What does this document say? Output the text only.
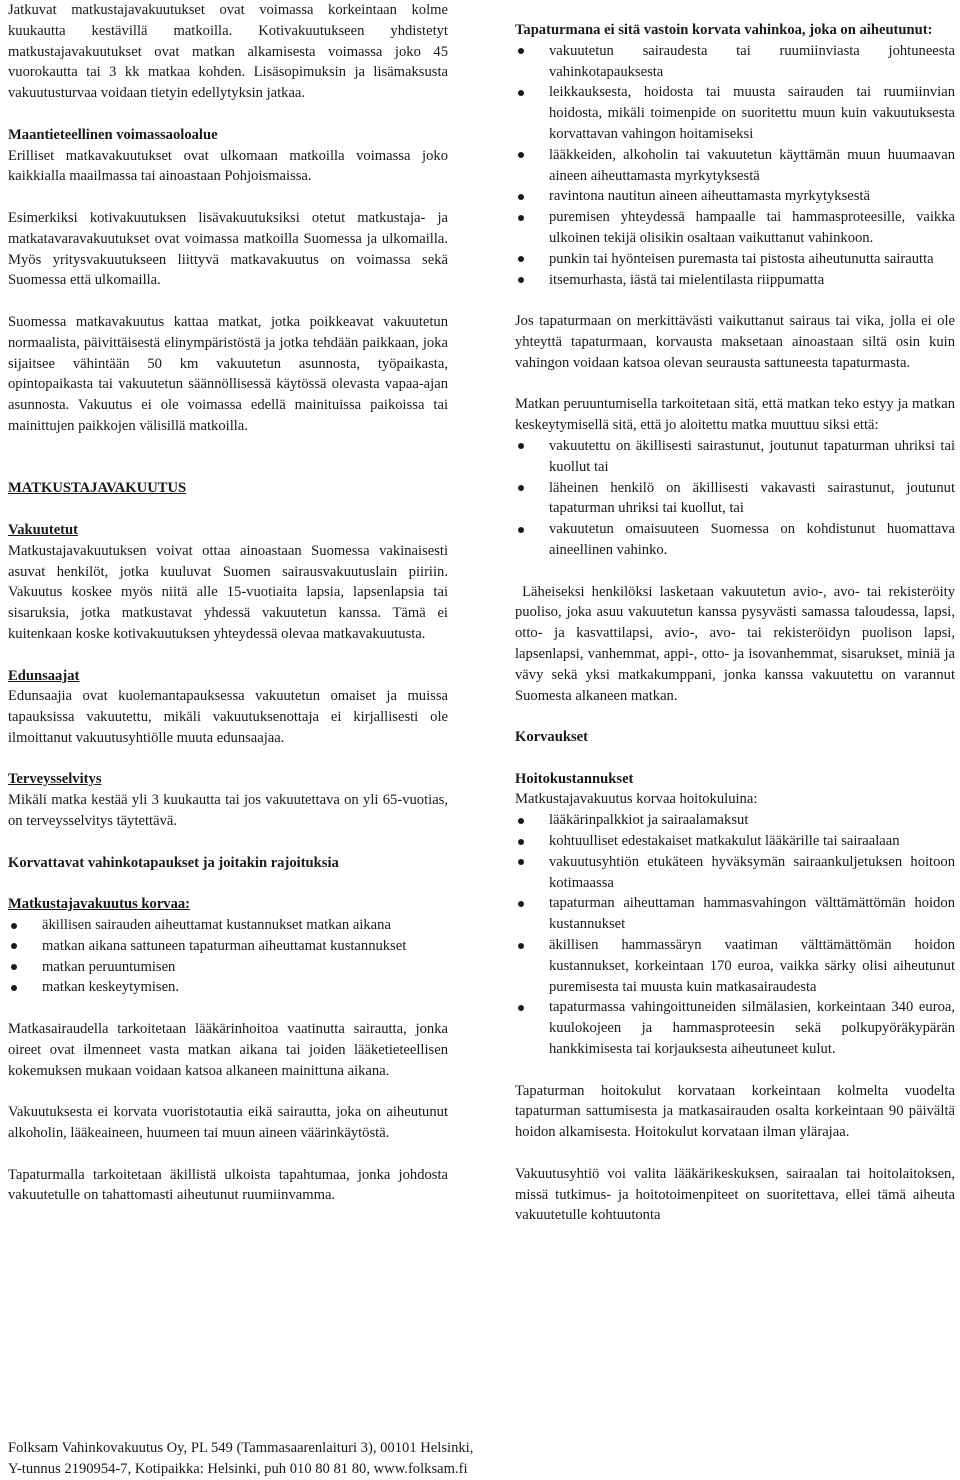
Jatkuvat matkustajavakuutukset ovat voimassa korkeintaan kolme kuukautta kestävillä matkoilla. Kotivakuutukseen yhdistetyt matkustajavakuutukset ovat matkan alkamisesta voimassa joko 45 vuorokautta tai 3 kk matkaa kohden. Lisäsopimuksin ja lisämaksusta vakuutusturvaa voidaan tietyin edellytyksin jatkaa.

Maantieteellinen voimassaoloalue

Erilliset matkavakuutukset ovat ulkomaan matkoilla voimassa joko kaikkialla maailmassa tai ainoastaan Pohjoismaissa.

Esimerkiksi kotivakuutuksen lisävakuutuksiksi otetut matkustaja- ja matkatavaravakuutukset ovat voimassa matkoilla Suomessa ja ulkomailla. Myös yritysvakuutukseen liittyvä matkavakuutus on voimassa sekä Suomessa että ulkomailla.

Suomessa matkavakuutus kattaa matkat, jotka poikkeavat vakuutetun normaalista, päivittäisestä elinympäristöstä ja jotka tehdään paikkaan, joka sijaitsee vähintään 50 km vakuutetun asunnosta, työpaikasta, opintopaikasta tai vakuutetun säännöllisessä käytössä olevasta vapaa-ajan asunnosta. Vakuutus ei ole voimassa edellä mainituissa paikoissa tai mainittujen paikkojen välisillä matkoilla.

MATKUSTAJAVAKUUTUS

Vakuutetut

Matkustajavakuutuksen voivat ottaa ainoastaan Suomessa vakinaisesti asuvat henkilöt, jotka kuuluvat Suomen sairausvakuutuslain piiriin. Vakuutus koskee myös niitä alle 15-vuotiaita lapsia, lapsenlapsia tai sisaruksia, jotka matkustavat yhdessä vakuutetun kanssa. Tämä ei kuitenkaan koske kotivakuutuksen yhteydessä olevaa matkavakuutusta.

Edunsaajat

Edunsaajia ovat kuolemantapauksessa vakuutetun omaiset ja muissa tapauksissa vakuutettu, mikäli vakuutuksenottaja ei kirjallisesti ole ilmoittanut vakuutusyhtiölle muuta edunsaajaa.

Terveysselvitys

Mikäli matka kestää yli 3 kuukautta tai jos vakuutettava on yli 65-vuotias, on terveysselvitys täytettävä.

Korvattavat vahinkotapaukset ja joitakin rajoituksia

Matkustajavakuutus korvaa:

äkillisen sairauden aiheuttamat kustannukset matkan aikana
matkan aikana sattuneen tapaturman aiheuttamat kustannukset
matkan peruuntumisen
matkan keskeytymisen.

Matkasairaudella tarkoitetaan lääkärinhoitoa vaatinutta sairautta, jonka oireet ovat ilmenneet vasta matkan aikana tai joiden lääketieteellisen kokemuksen mukaan voidaan katsoa alkaneen mainittuna aikana.

Vakuutuksesta ei korvata vuoristotautia eikä sairautta, joka on aiheutunut alkoholin, lääkeaineen, huumeen tai muun aineen väärinkäytöstä.

Tapaturmalla tarkoitetaan äkillistä ulkoista tapahtumaa, jonka johdosta vakuutetulle on tahattomasti aiheutunut ruumiinvamma.

Tapaturmana ei sitä vastoin korvata vahinkoa, joka on aiheutunut:

vakuutetun sairaudesta tai ruumiinviasta johtuneesta vahinkotapauksesta
leikkauksesta, hoidosta tai muusta sairauden tai ruumiinvian hoidosta, mikäli toimenpide on suoritettu muun kuin vakuutuksesta korvattavan vahingon hoitamiseksi
lääkkeiden, alkoholin tai vakuutetun käyttämän muun huumaavan aineen aiheuttamasta myrkytyksestä
ravintona nautitun aineen aiheuttamasta myrkytyksestä
puremisen yhteydessä hampaalle tai hammasproteesille, vaikka ulkoinen tekijä olisikin osaltaan vaikuttanut vahinkoon.
punkin tai hyönteisen puremasta tai pistosta aiheutunutta sairautta
itsemurhasta, iästä tai mielentilasta riippumatta

Jos tapaturmaan on merkittävästi vaikuttanut sairaus tai vika, jolla ei ole yhteyttä tapaturmaan, korvausta maksetaan ainoastaan siltä osin kuin vahingon voidaan katsoa olevan seurausta sattuneesta tapaturmasta.

Matkan peruuntumisella tarkoitetaan sitä, että matkan teko estyy ja matkan keskeytymisellä sitä, että jo aloitettu matka muuttuu siksi että:

vakuutettu on äkillisesti sairastunut, joutunut tapaturman uhriksi tai kuollut tai
läheinen henkilö on äkillisesti vakavasti sairastunut, joutunut tapaturman uhriksi tai kuollut, tai
vakuutetun omaisuuteen Suomessa on kohdistunut huomattava aineellinen vahinko.

Läheiseksi henkilöksi lasketaan vakuutetun avio-, avo- tai rekisteröity puoliso, joka asuu vakuutetun kanssa pysyvästi samassa taloudessa, lapsi, otto- ja kasvattilapsi, avio-, avo- tai rekisteröidyn puolison lapsi, lapsenlapsi, vanhemmat, appi-, otto- ja isovanhemmat, sisarukset, miniä ja vävy sekä yksi matkakumppani, jonka kanssa vakuutettu on varannut Suomesta alkaneen matkan.

Korvaukset

Hoitokustannukset

Matkustajavakuutus korvaa hoitokuluina:

lääkärinpalkkiot ja sairaalamaksut
kohtuulliset edestakaiset matkakulut lääkärille tai sairaalaan
vakuutusyhtiön etukäteen hyväksymän sairaankuljetuksen hoitoon kotimaassa
tapaturman aiheuttaman hammasvahingon välttämättömän hoidon kustannukset
äkillisen hammassäryn vaatiman välttämättömän hoidon kustannukset, korkeintaan 170 euroa, vaikka särky olisi aiheutunut puremisesta tai muusta kuin matkasairaudesta
tapaturmassa vahingoittuneiden silmälasien, korkeintaan 340 euroa, kuulokojeen ja hammasproteesin sekä polkupyöräkypärän hankkimisesta tai korjauksesta aiheutuneet kulut.

Tapaturman hoitokulut korvataan korkeintaan kolmelta vuodelta tapaturman sattumisesta ja matkasairauden osalta korkeintaan 90 päivältä hoidon alkamisesta. Hoitokulut korvataan ilman ylärajaa.

Vakuutusyhtiö voi valita lääkärikeskuksen, sairaalan tai hoitolaitoksen, missä tutkimus- ja hoitotoimenpiteet on suoritettava, ellei tämä aiheuta vakuutetulle kohtuutonta

Folksam Vahinkovakuutus Oy, PL 549 (Tammasaarenlaituri 3), 00101 Helsinki,
Y-tunnus 2190954-7, Kotipaikka: Helsinki, puh 010 80 81 80, www.folksam.fi
